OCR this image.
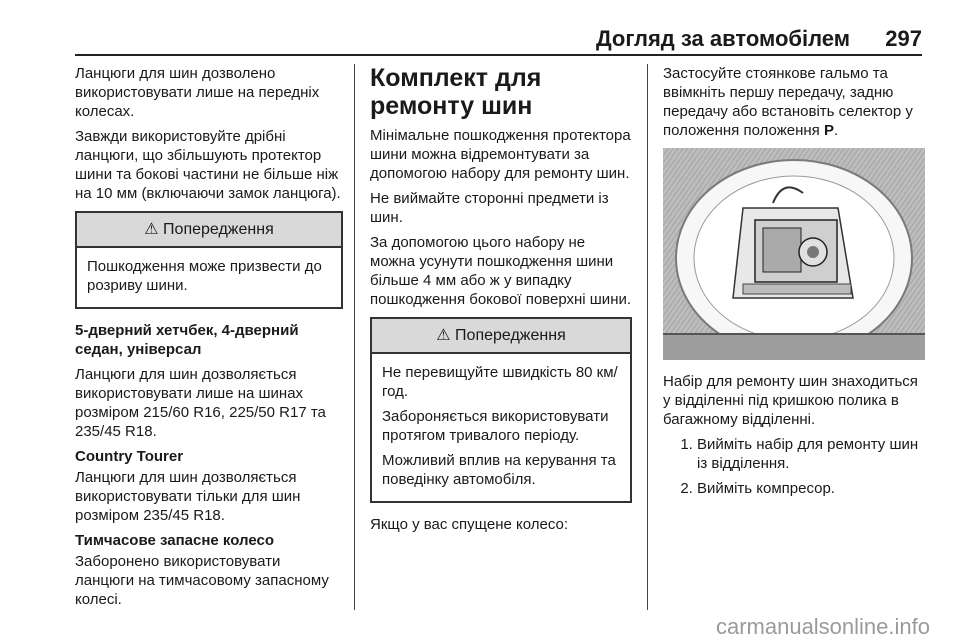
Догляд за автомобілем 297

Ланцюги для шин дозволено використовувати лише на передніх колесах.

Завжди використовуйте дрібні ланцюги, що збільшують протектор шини та бокові частини не більше ніж на 10 мм (включаючи замок ланцюга).

⚠ Попередження

Пошкодження може призвести до розриву шини.

5-дверний хетчбек, 4-дверний седан, універсал

Ланцюги для шин дозволяється використовувати лише на шинах розміром 215/60 R16, 225/50 R17 та 235/45 R18.

Country Tourer

Ланцюги для шин дозволяється використовувати тільки для шин розміром 235/45 R18.

Тимчасове запасне колесо

Заборонено використовувати ланцюги на тимчасовому запасному колесі.

Комплект для ремонту шин

Мінімальне пошкодження протектора шини можна відремонтувати за допомогою набору для ремонту шин.

Не виймайте сторонні предмети із шин.

За допомогою цього набору не можна усунути пошкодження шини більше 4 мм або ж у випадку пошкодження бокової поверхні шини.

⚠ Попередження

Не перевищуйте швидкість 80 км/год.

Забороняється використовувати протягом тривалого періоду.

Можливий вплив на керування та поведінку автомобіля.

Якщо у вас спущене колесо:

Застосуйте стоянкове гальмо та ввімкніть першу передачу, задню передачу або встановіть селектор у положення положення P.

Набір для ремонту шин знаходиться у відділенні під кришкою полика в багажному відділенні.

1. Вийміть набір для ремонту шин із відділення.
2. Вийміть компресор.
carmanualsonline.info
